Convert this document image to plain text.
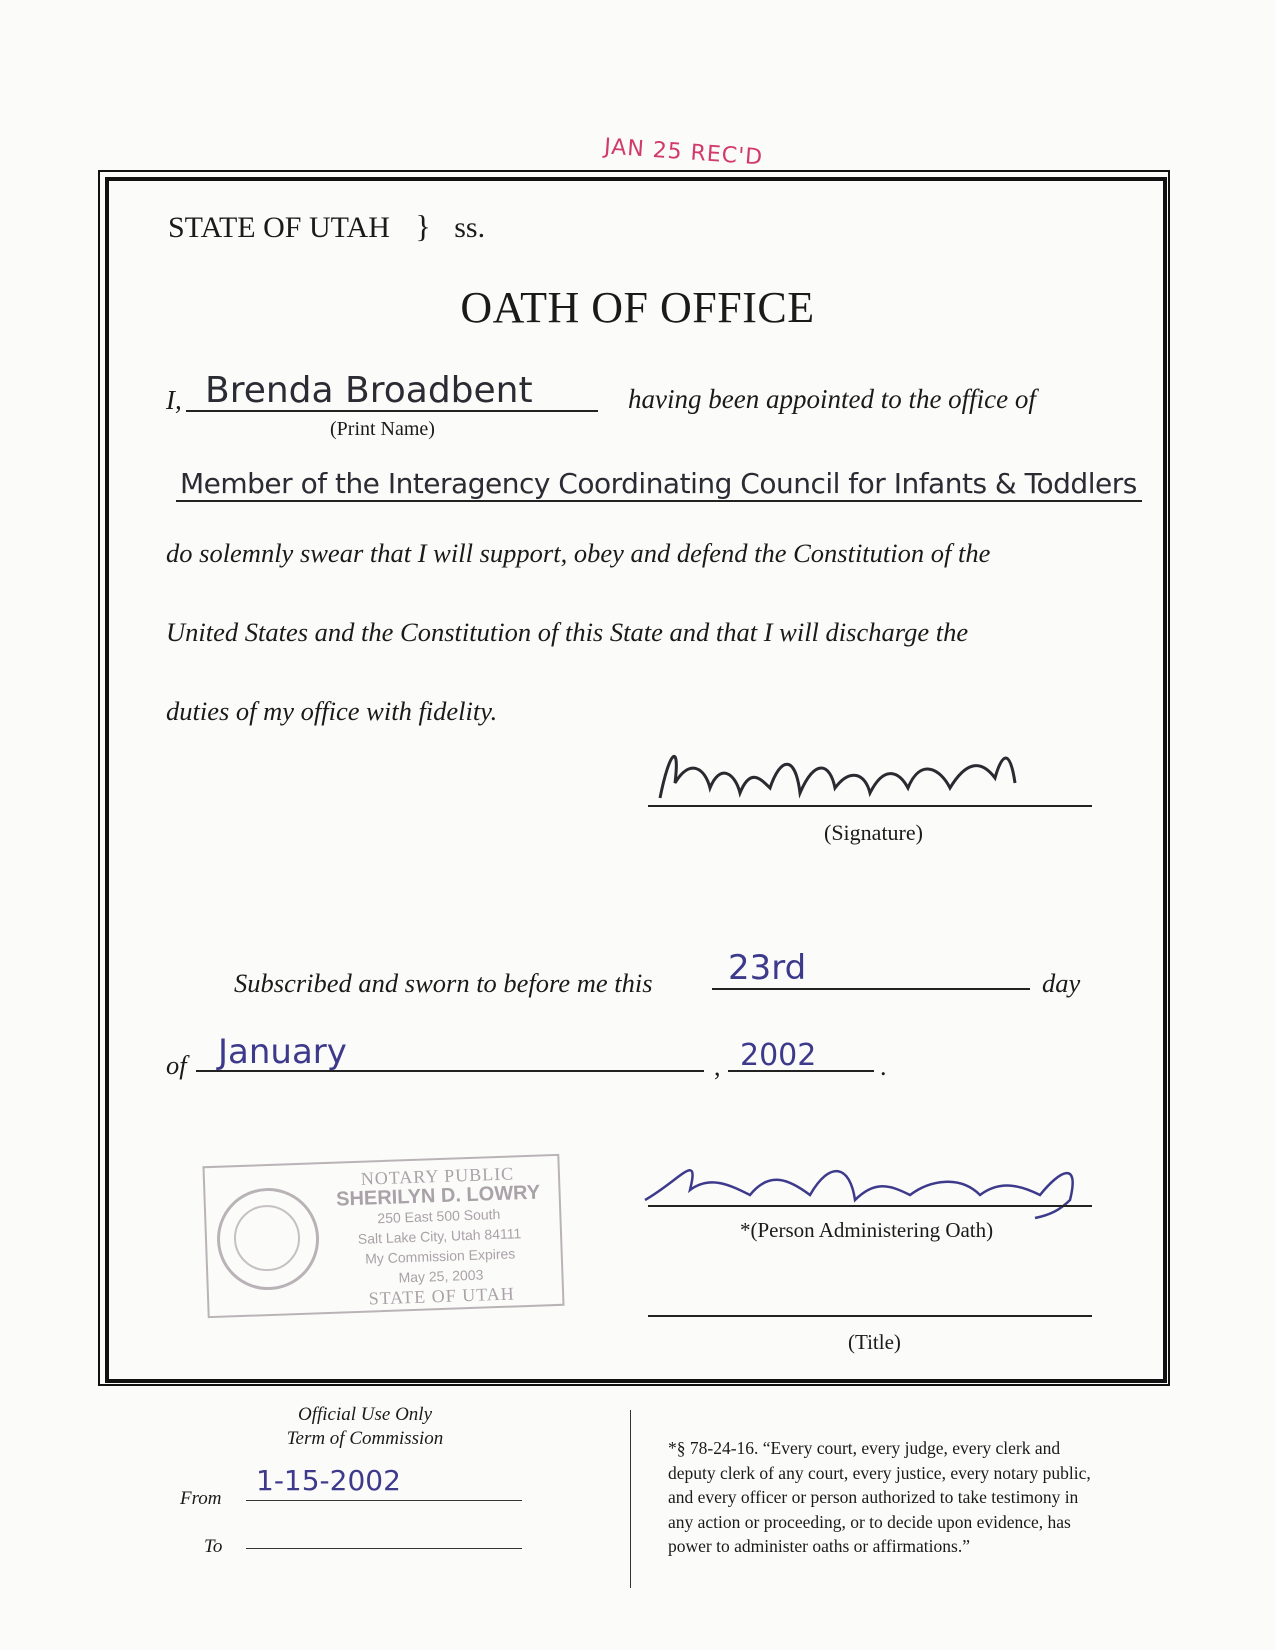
JAN 25 REC'D
STATE OF UTAH } ss.
OATH OF OFFICE
I, Brenda Broadbent
(Print Name)
having been appointed to the office of
Member of the Interagency Coordinating Council for Infants & Toddlers
do solemnly swear that I will support, obey and defend the Constitution of the
United States and the Constitution of this State and that I will discharge the
duties of my office with fidelity.
(Signature)
Subscribed and sworn to before me this 23rd	day
of January	, 2002 .
NOTARY PUBLIC
SHERILYN D. LOWRY
250 East 500 South
Salt Lake City, Utah 84111
My Commission Expires
May 25, 2003
STATE OF UTAH
*(Person Administering Oath)
(Title)
Official Use Only
Term of Commission
From
1-15-2002
To
*§ 78-24-16. “Every court, every judge, every clerk and
deputy clerk of any court, every justice, every notary public,
and every officer or person authorized to take testimony in
any action or proceeding, or to decide upon evidence, has
power to administer oaths or affirmations.”
